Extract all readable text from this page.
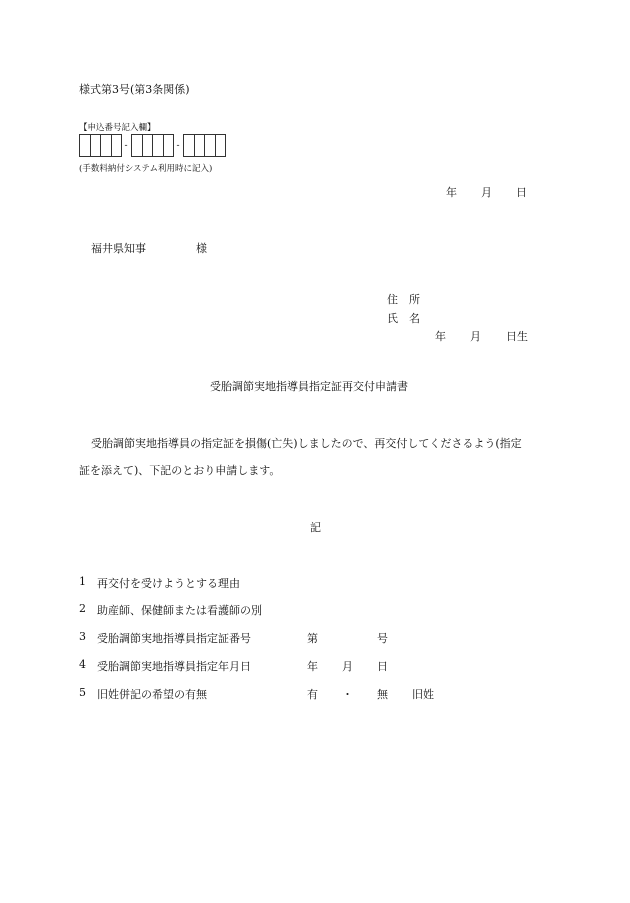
様式第3号(第3条関係)
【申込番号記入欄】
-	-
(手数料納付システム利用時に記入)
年 月 日
福井県知事	様
住　所
氏　名
年 月 日生
受胎調節実地指導員指定証再交付申請書
受胎調節実地指導員の指定証を損傷(亡失)しましたので、再交付してくださるよう(指定
証を添えて)、下記のとおり申請します。
記
1 再交付を受けようとする理由
2 助産師、保健師または看護師の別
3 受胎調節実地指導員指定証番号	第	号
4 受胎調節実地指導員指定年月日	年 月 日
5 旧姓併記の希望の有無	有 ・ 無 旧姓
